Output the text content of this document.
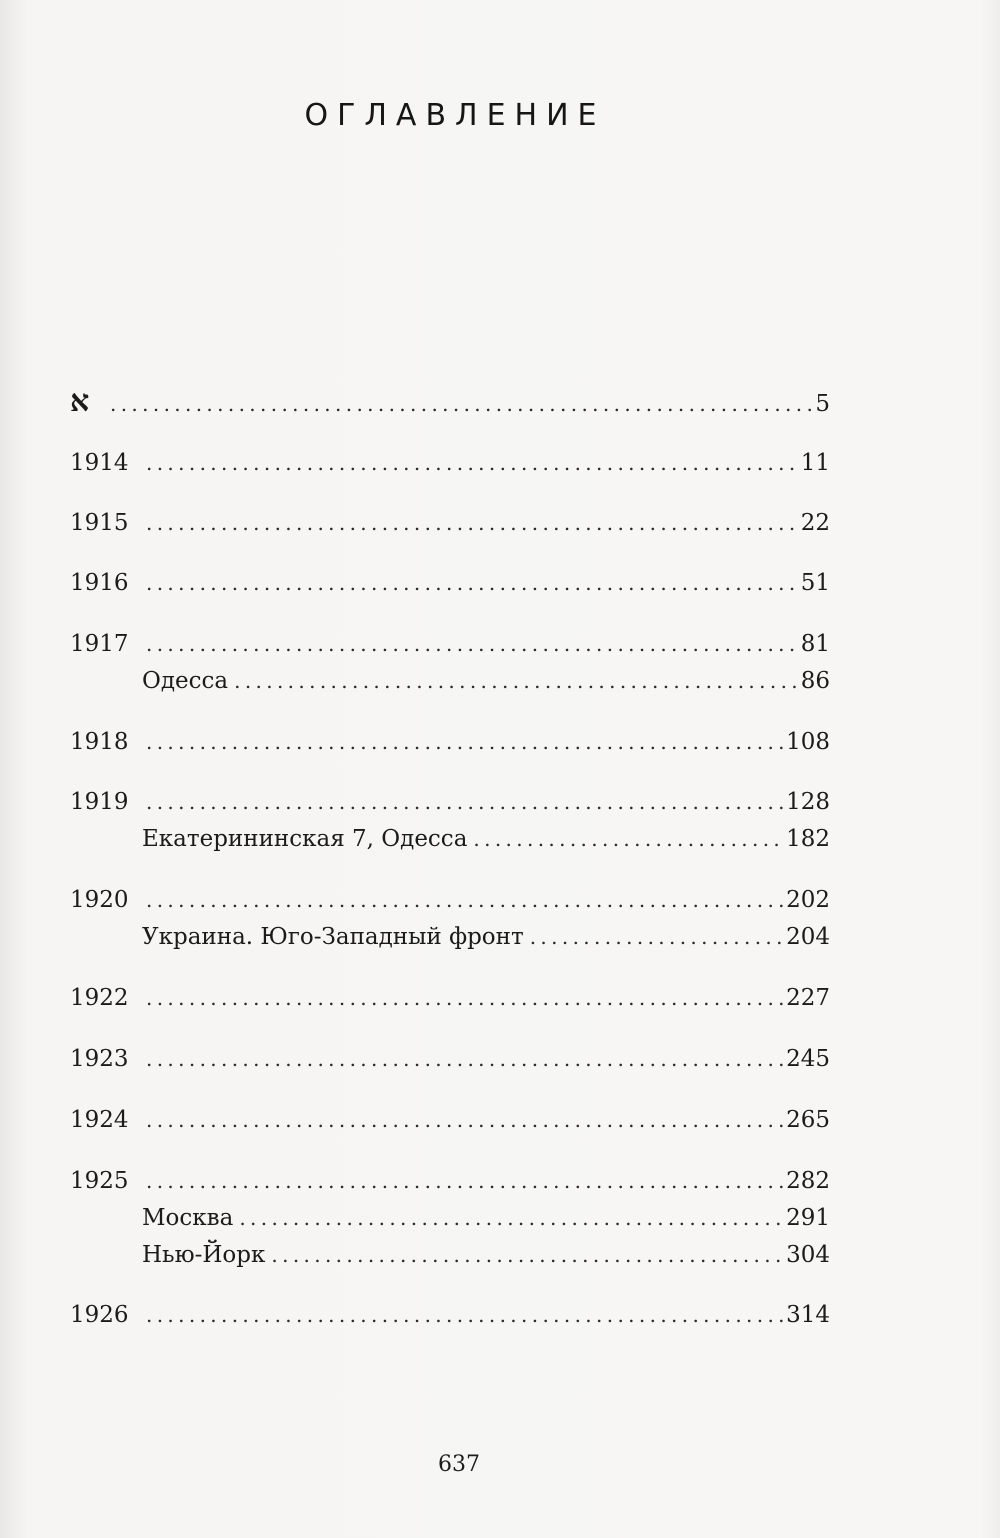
ОГЛАВЛЕНИЕ
א . . .	5
1914 . . .	11
1915 . . .	22
1916 . . .	51
1917 . . .	81
Одесса . . .	86
1918 . . .	108
1919 . . .	128
Екатерининская 7, Одесса . . .	182
1920 . . .	202
Украина. Юго-Западный фронт . . .	204
1922 . . .	227
1923 . . .	245
1924 . . .	265
1925 . . .	282
Москва . . .	291
Нью-Йорк . . .	304
1926 . . .	314
637
